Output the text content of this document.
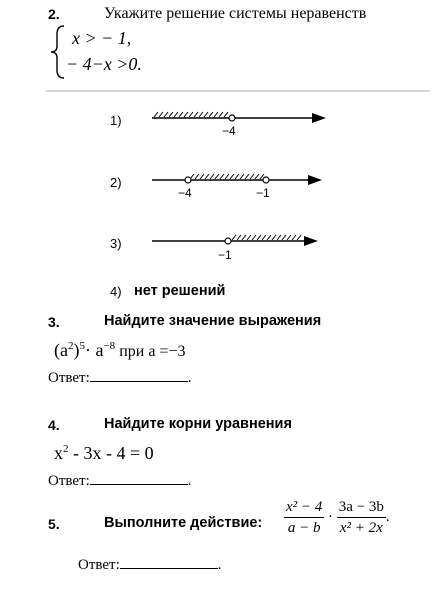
2.	Укажите решение системы неравенств
x > − 1,
− 4−x >0.
1)
−4
2)
−4	−1
3)
−1
4) нет решений
3.	Найдите значение выражения
$(a^2)^5\cdot a^{-8}$ при a =−3
Ответ:	.
4.	Найдите корни уравнения
$x^2 - 3x - 4 = 0$
Ответ:	.
5.	Выполните действие: $\frac{\text{x² − 4}}{a - b} \cdot \frac{3a - 3b}{\text{x² + 2x}}$ .
Ответ:	.
